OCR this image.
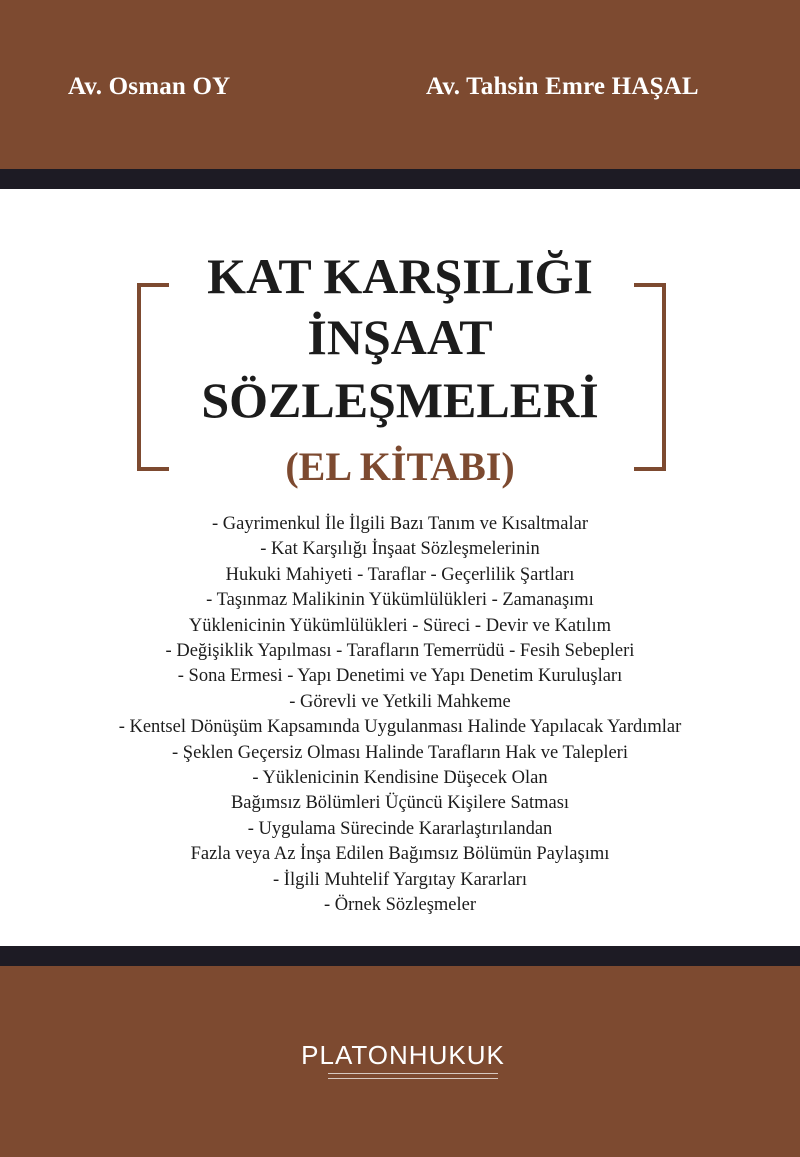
Av. Osman OY	Av. Tahsin Emre HAŞAL
KAT KARŞILIĞI
İNŞAAT
SÖZLEŞMELERİ
(EL KİTABI)
- Gayrimenkul İle İlgili Bazı Tanım ve Kısaltmalar
- Kat Karşılığı İnşaat Sözleşmelerinin
Hukuki Mahiyeti - Taraflar - Geçerlilik Şartları
- Taşınmaz Malikinin Yükümlülükleri - Zamanaşımı
Yüklenicinin Yükümlülükleri - Süreci - Devir ve Katılım
- Değişiklik Yapılması - Tarafların Temerrüdü - Fesih Sebepleri
- Sona Ermesi - Yapı Denetimi ve Yapı Denetim Kuruluşları
- Görevli ve Yetkili Mahkeme
- Kentsel Dönüşüm Kapsamında Uygulanması Halinde Yapılacak Yardımlar
- Şeklen Geçersiz Olması Halinde Tarafların Hak ve Talepleri
- Yüklenicinin Kendisine Düşecek Olan
Bağımsız Bölümleri Üçüncü Kişilere Satması
- Uygulama Sürecinde Kararlaştırılandan
Fazla veya Az İnşa Edilen Bağımsız Bölümün Paylaşımı
- İlgili Muhtelif Yargıtay Kararları
- Örnek Sözleşmeler
PLATONHUKUK
